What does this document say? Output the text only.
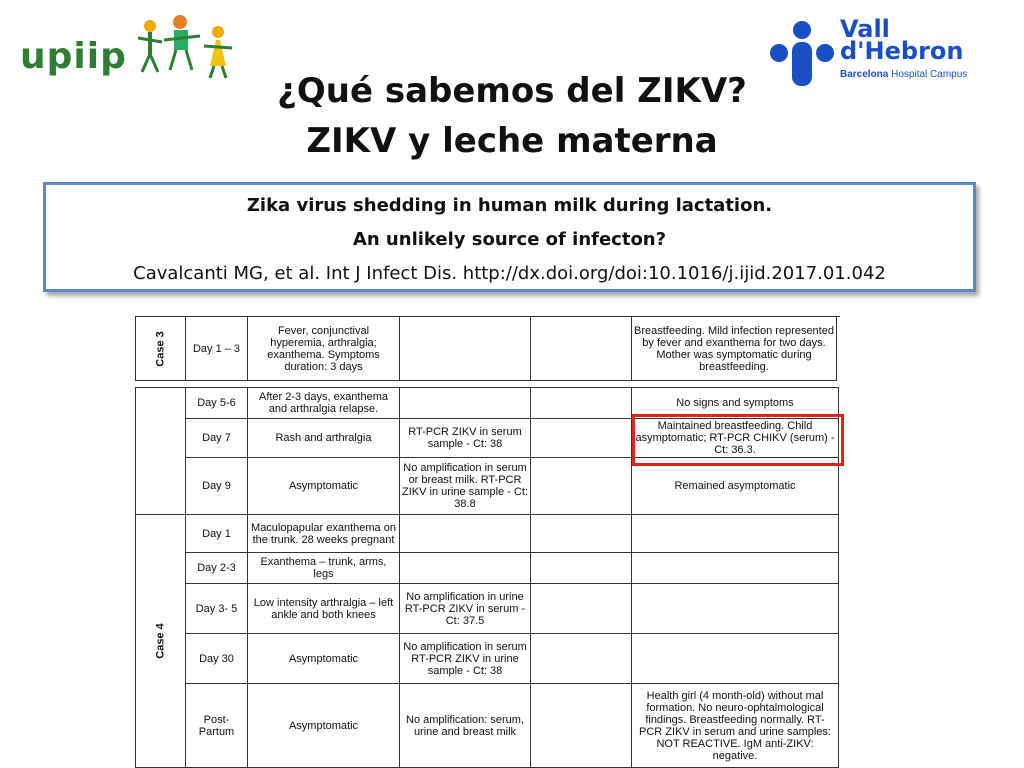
upiip
Vall
d'Hebron
Barcelona Hospital Campus
¿Qué sabemos del ZIKV?
ZIKV y leche materna
Zika virus shedding in human milk during lactation.
An unlikely source of infecton?
Cavalcanti MG, et al. Int J Infect Dis. http://dx.doi.org/doi:10.1016/j.ijid.2017.01.042
Case 3	Day 1 – 3	Fever, conjunctival hyperemia, arthralgia; exanthema. Symptoms duration: 3 days			Breastfeeding. Mild infection represented by fever and exanthema for two days. Mother was symptomatic during breastfeeding.
	Day 5-6	After 2-3 days, exanthema and arthralgia relapse.			No signs and symptoms
	Day 7	Rash and arthralgia	RT-PCR ZIKV in serum sample - Ct: 38		Maintained breastfeeding. Child asymptomatic; RT-PCR CHIKV (serum) - Ct: 36.3.
	Day 9	Asymptomatic	No amplification in serum or breast milk. RT-PCR ZIKV in urine sample - Ct: 38.8		Remained asymptomatic
Case 4	Day 1	Maculopapular exanthema on the trunk. 28 weeks pregnant			
	Day 2-3	Exanthema – trunk, arms, legs			
	Day 3- 5	Low intensity arthralgia – left ankle and both knees	No amplification in urine RT-PCR ZIKV in serum - Ct: 37.5		
	Day 30	Asymptomatic	No amplification in serum RT-PCR ZIKV in urine sample - Ct: 38		
	Post-Partum	Asymptomatic	No amplification: serum, urine and breast milk		Health girl (4 month-old) without mal formation. No neuro-ophtalmological findings. Breastfeeding normally. RT-PCR ZIKV in serum and urine samples: NOT REACTIVE. IgM anti-ZIKV: negative.
